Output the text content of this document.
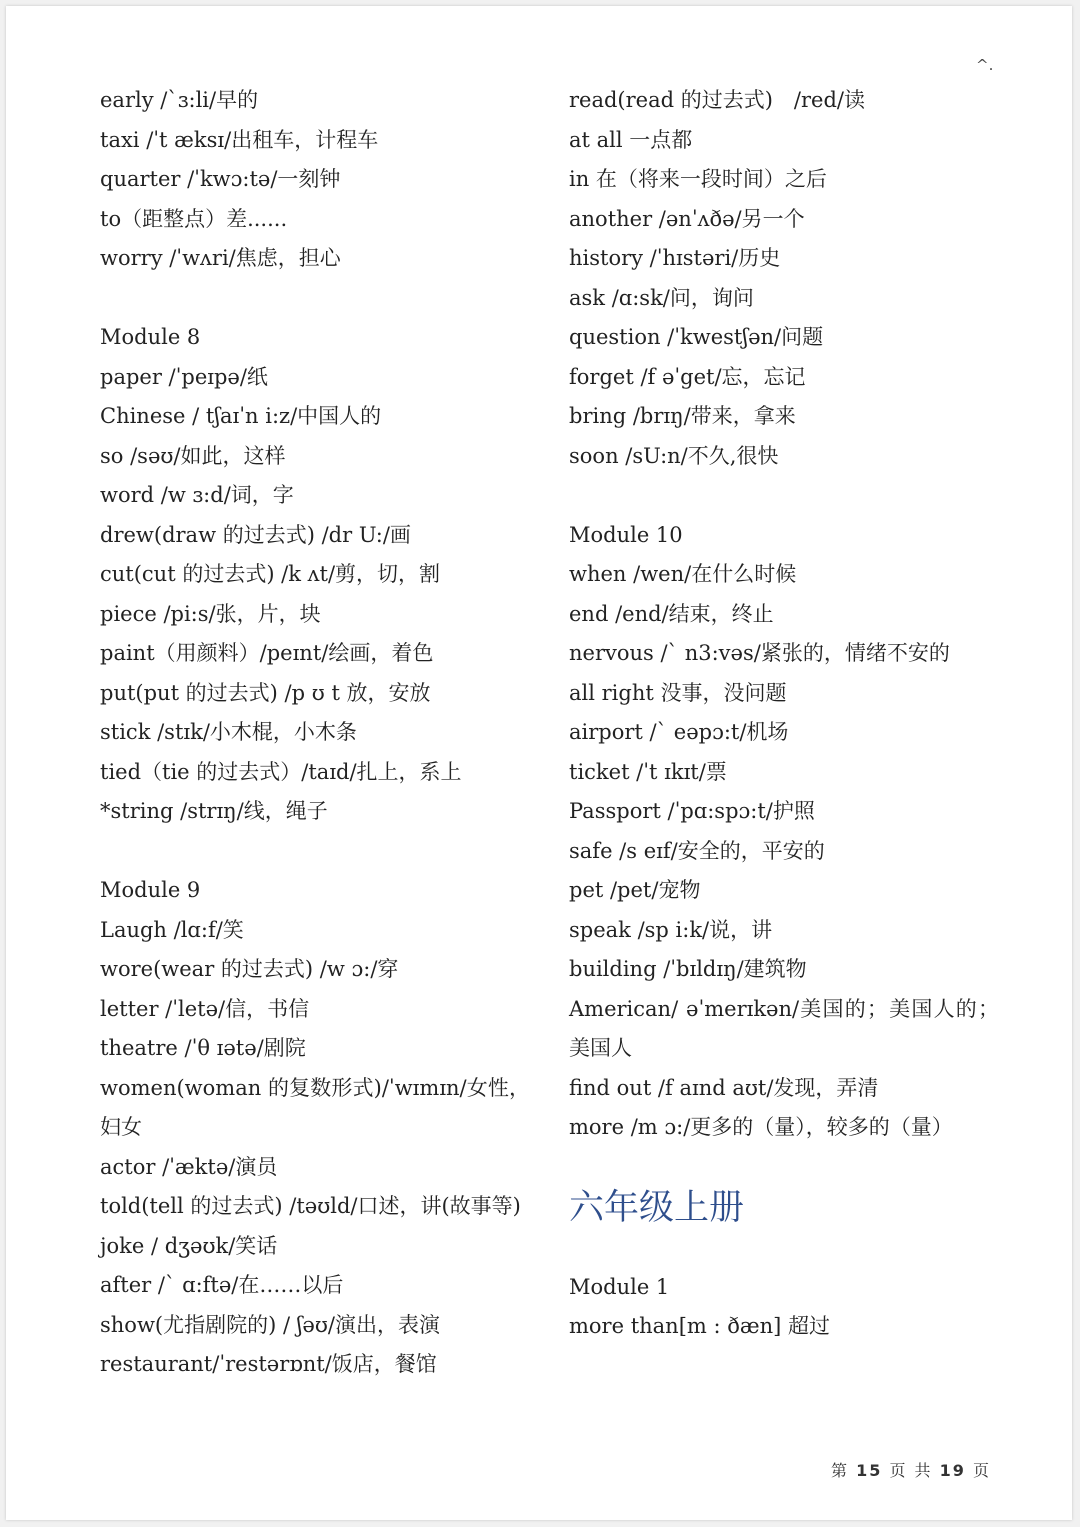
^.
early /ˋɜ:li/早的
taxi /ˈt æksɪ/出租车，计程车
quarter /ˈkwɔ:tə/一刻钟
to（距整点）差......
worry /ˈwʌri/焦虑，担心
Module 8
paper /ˈpeɪpə/纸
Chinese / tʃaɪˈn i:z/中国人的
so /səʊ/如此，这样
word /w ɜ:d/词，字
drew(draw 的过去式) /dr U:/画
cut(cut 的过去式) /k ʌt/剪，切，割
piece /pi:s/张，片，块
paint（用颜料）/peɪnt/绘画，着色
put(put 的过去式) /p ʊ t 放，安放
stick /stɪk/小木棍，小木条
tied（tie 的过去式）/taɪd/扎上，系上
*string /strɪŋ/线，绳子
Module 9
Laugh /lɑ:f/笑
wore(wear 的过去式) /w ɔ:/穿
letter /ˈletə/信，书信
theatre /ˈθ ɪətə/剧院
women(woman 的复数形式)/ˈwɪmɪn/女性，妇女
actor /ˈæktə/演员
told(tell 的过去式) /təʊld/口述，讲(故事等)
joke / dʒəʊk/笑话
after /ˋ ɑ:ftə/在……以后
show(尤指剧院的) / ʃəʊ/演出，表演
restaurant/ˈrestərɒnt/饭店，餐馆
read(read 的过去式)　/red/读
at all 一点都
in 在（将来一段时间）之后
another /ənˈʌðə/另一个
history /ˈhɪstəri/历史
ask /ɑ:sk/问，询问
question /ˈkwestʃən/问题
forget /f əˈget/忘，忘记
bring /brɪŋ/带来，拿来
soon /sU:n/不久,很快
Module 10
when /wen/在什么时候
end /end/结束，终止
nervous /ˋ n3:vəs/紧张的，情绪不安的
all right 没事，没问题
airport /ˋ eəpɔ:t/机场
ticket /ˈt ɪkɪt/票
Passport /ˈpɑ:spɔ:t/护照
safe /s eɪf/安全的，平安的
pet /pet/宠物
speak /sp i:k/说，讲
building /ˈbɪldɪŋ/建筑物
American/ əˈmerɪkən/美国的；美国人的；美国人
find out /f aɪnd aʊt/发现，弄清
more /m ɔ:/更多的（量），较多的（量）
六年级上册
Module 1
more than[m : ðæn] 超过
第 15 页 共 19 页
